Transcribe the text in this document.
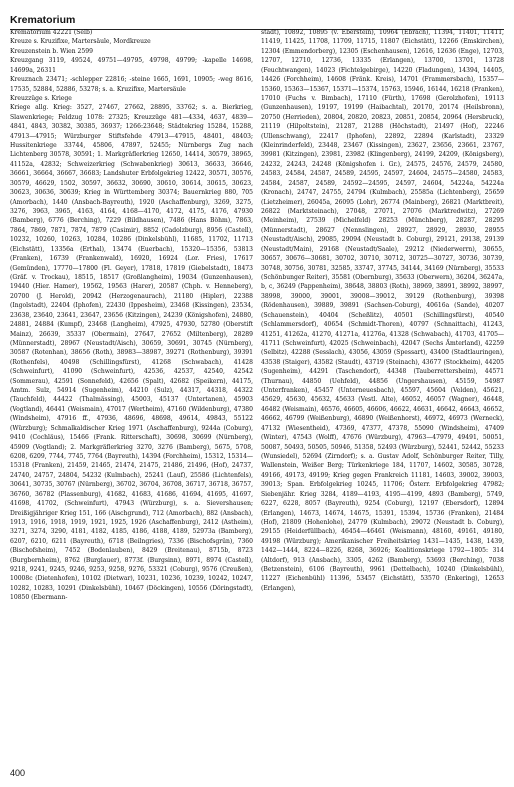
Krematorium

Krematorium 42221 (Selb)

Kreuze s. Kruzifixe, Martersäule, Mordkreuze

Kreuzenstein b. Wien 2599

Kreuzgang 3119, 49524, 49751—49795, 49798, 49799; -kapelle 14698, 14699a, 26311

Kreuznach 23471; -schlepper 22816; -steine 1665, 1691, 10905; -weg 8616, 17535, 52884, 52886, 53278; s. a. Kruzifixe, Martersäule

Kreuzzüge s. Kriege

Kriege allg. Krieg: 3527, 27467, 27662, 28895, 33762; s. a. Bierkrieg, Slawenkriege; Feldzug 1078: 27325; Kreuzzüge 481—4334, 4637, 4839—4841, 4843, 30382, 30385, 36937; 1266:23648; Städtekrieg 15284, 15288, 47913—47915; Würzburger Stiftsfehde 47913—47915, 48401, 48403; Hussitenkriege 33744, 45806, 47897, 52455; Nürnbergs Zug nach Lichtenberg 30578, 30591; 1. Markgräflerkrieg 12650, 14414, 30579, 38965, 41152a, 42832; Schweizerkrieg (Schwabenkrieg) 30613, 36633, 36646, 36661, 36664, 36667, 36683; Landshuter Erbfolgekrieg 12422, 30571, 30576, 30579, 46629, 1502, 30597, 36632, 30690, 30610, 30614, 30615, 30623, 30623, 30636, 30639; Krieg in Württemberg 30374; Bauernkrieg 880, 705 (Amorbach), 1440 (Ansbach-Bayreuth), 1920 (Aschaffenburg), 3269, 3275, 3276, 3963, 3965, 4163, 4164, 4168—4170, 4172, 4175, 4176, 47930 (Bamberg), 6776 (Berching), 7229 (Bildhausen), 7486 (Hans Böhm), 7863, 7864, 7869, 7871, 7874, 7879 (Casimir), 8852 (Cadolzburg), 8956 (Castell), 10232, 10260, 10263, 10284, 10286 (Dinkelsbühl), 11685, 11702, 11713 (Eichstätt), 13356a (Erthal), 13474 (Euerbach), 15320—15356, 53813 (Franken), 16739 (Frankenwald), 16920, 16924 (Lor. Fries), 17617 (Gemünden), 17770—17800 (Fl. Geyer), 17818, 17819 (Giebelstadt), 18473 (Gräf. v. Trockau), 18515, 18517 (Großlangheim), 19034 (Gunzenhausen), 19440 (Hier. Hamer), 19562, 19563 (Harer), 20587 (Chph. v. Henneberg), 20700 (J. Herold), 20942 (Herzogenaurach), 21180 (Hipler), 22388 (Ingolstadt), 22404 (Iphofen), 22430 (Ippesheim), 23468 (Kissingen), 23534, 23638, 23640, 23641, 23647, 23656 (Kitzingen), 24239 (Königshofen), 24880, 24881, 24884 (Kumpf), 23468 (Langheim), 47925, 47930, 52780 (Oberstift Mainz), 26639, 35337 (Obermain), 27647, 27652 (Miltenberg), 28289 (Münnerstadt), 28967 (Neustadt/Aisch), 30659, 30691, 30745 (Nürnberg), 30587 (Rotenhan), 38656 (Roth), 38983—38987, 39271 (Rothenburg), 39391 (Rothenfels), 40498 (Schillingsfürst), 41268 (Schwabach), 41428 (Schweinfurt), 41090 (Schweinfurt), 42536, 42537, 42540, 42542 (Sommerau), 42591 (Sonnefeld), 42656 (Spalt), 42682 (Speikern), 44175, Amtm. Sulz, 54914 (Sugenheim), 44210 (Sulz), 44317, 44318, 44322 (Tauchfeld), 44422 (Thalmässing), 45003, 45137 (Untertanen), 45903 (Vogtland), 46441 (Weismain), 47017 (Wertheim), 47160 (Wildenburg), 47380 (Windsheim), 47916 ff., 47936, 48696, 48698, 49614, 49843, 55122 (Würzburg); Schmalkaldischer Krieg 1971 (Aschaffenburg), 9244a (Coburg), 9410 (Cochläus), 15466 (Frank. Ritterschaft), 30698, 30699 (Nürnberg), 45909 (Vogtland); 2. Markgräflerkrieg 3270, 3276 (Bamberg), 5675, 5708, 6208, 6209, 7744, 7745, 7764 (Bayreuth), 14394 (Forchheim), 15312, 15314—15318 (Franken), 21459, 21465, 21474, 21475, 21486, 21496, (Hof), 24737, 24740, 24757, 24804, 54232 (Kulmbach), 25241 (Lauf), 25586 (Lichtenfels), 30641, 30735, 30767 (Nürnberg), 36702, 36704, 36708, 36717, 36718, 36757, 36760, 36782 (Plassenburg), 41682, 41683, 41686, 41694, 41695, 41697, 41698, 41702, (Schweinfurt), 47943 (Würzburg), s. a. Sievershausen; Dreißigjähriger Krieg 151, 166 (Aischgrund), 712 (Amorbach), 882 (Ansbach), 1913, 1916, 1918, 1919, 1921, 1925, 1926 (Aschaffenburg), 2412 (Astheim), 3271, 3274, 3290, 4181, 4182, 4185, 4186, 4188, 4189, 52973a (Bamberg), 6207, 6210, 6211 (Bayreuth), 6718 (Beilngries), 7336 (Bischofsgrün), 7360 (Bischofsheim), 7452 (Bodenlauben), 8429 (Breitenau), 8715b, 8723 (Burgbernheim), 8762 (Burglauer), 8773f. (Burgsinn), 8971, 8974 (Castell), 9218, 9241, 9245, 9246, 9253, 9258, 9276, 53321 (Coburg), 9576 (Creußen), 10008c (Dietenhofen), 10102 (Dietwar), 10231, 10236, 10239, 10242, 10247, 10282, 10283, 10291 (Dinkelsbühl), 10467 (Döckingen), 10556 (Döringstadt), 10850 (Ebermann-

stadt), 10892, 10895 (v. Eberstein), 10964 (Ebrach), 11394, 11401, 11411, 11419, 11425, 11708, 11709, 11715, 11807 (Eichstätt), 12266 (Emskirchen), 12304 (Emmendorberg), 12305 (Eschenhausen), 12616, 12636 (Enge), 12703, 12707, 12710, 12736, 13335 (Erlangen), 13700, 13701, 13728 (Feuchtwangen), 14023 (Fichtelgebirge), 14220 (Fladungen), 14394, 14405, 14426 (Forchheim), 14608 (Fränk. Kreis), 14701 (Frammersbach), 15357—15360, 15363—15367, 15371—15374, 15763, 15946, 16144, 16218 (Franken), 17010 (Fuchs v. Bimbach), 17110 (Fürth), 17698 (Gerolzhofen), 19113 (Gunzenhausen), 19197, 19199 (Haibachtal), 20170, 20174 (Heilsbronn), 20750 (Herrieden), 20804, 20820, 20823, 20851, 20854, 20964 (Hersbruck), 21119 (Hilpoltstein), 21287, 21288 (Höchstadt), 21497 (Hof), 22246 (Ullenschwang), 22417 (Iphofen), 22892, 22894 (Karlstadt), 23329 (Kleinrinderfeld), 23448, 23467 (Kissingen), 23627, 23656, 23661, 23767, 39981 (Kitzingen), 23981, 23982 (Klingenberg), 24199, 24209, (Königsberg), 24232, 24243, 24248 (Königshofen i. Gr.), 24575, 24576, 24579, 24580, 24583, 24584, 24587, 24589, 24595, 24597, 24604, 24575—24580, 24583, 24584, 24587, 24589, 24592—24595, 24597, 24604, 54224a, 54224a (Kronach), 24747, 24755, 24794 (Kulmbach), 25585a (Lichtenberg), 25659 (Lietzheimer), 26045a, 26095 (Lohr), 26774 (Mainberg), 26821 (Marktbreit), 26822 (Marktsteinach), 27048, 27071, 27076 (Marktredwitz), 27269 (Meinheim), 27539 (Michelfeld) 28253 (Münchberg), 28287, 28295 (Münnerstadt), 28627 (Nennslingen), 28927, 28929, 28930, 28955 (Neustadt/Aisch), 29085, 29094 (Neustadt b. Coburg), 29121, 29138, 29139 (Neustadt/Main), 29168 (Neustadt/Saale), 29212 (Niederwerrn), 30655, 30657, 30676—30681, 30702, 30710, 30712, 30725—30727, 30736, 30739, 30748, 30756, 30781, 32585, 33747, 37745, 34144, 34169 (Nürnberg), 35533 (Schönbunger Reiter), 35581 (Obernburg), 35633 (Oberwern), 36204, 36247a, b, c, 36249 (Pappenheim), 38648, 38803 (Roth), 38969, 38991, 38992, 38997, 38998, 39000, 39001, 39008—39012, 39129 (Rothenburg), 39398 (Rödenhausen), 39889, 39891 (Sachsen-Coburg), 40616a (Sande), 40207 (Schauenstein), 40404 (Scheßlitz), 40501 (Schillingsfürst), 40540 (Schlammersdorf), 40654 (Schmidt-Thoren), 40797 (Schnaittach), 41243, 41251, 41262a, 41270, 41271a, 41276a, 41328 (Schwabach), 41703, 41705—41711 (Schweinfurt), 42025 (Schweinbach), 42047 (Sechs Ämterland), 42259 (Selbitz), 42288 (Sesslach), 43056, 43059 (Spessart), 43400 (Stadtlauringen), 43538 (Staiger), 43582 (Staudt), 43719 (Steinach), 43677 (Stockheim), 44205 (Sugenheim), 44291 (Taschendorf), 44348 (Tauberrettersheim), 44571 (Thurnau), 44850 (Uehfeld), 44856 (Ungershausen), 45159, 54987 (Unterfranken), 45457 (Unterneuesbach), 45597, 45604 (Velden), 45621, 45629, 45630, 45632, 45633 (Vestl. Alte), 46052, 46057 (Wagner), 46448, 46482 (Weismain), 46576, 46605, 46606, 46622, 46631, 46642, 46643, 46652, 46662, 46799 (Weißenburg), 46890 (Weißenhorst), 46972, 46973 (Werneck), 47132 (Wiesentheid), 47369, 47377, 47378, 55090 (Windsheim), 47409 (Winter), 47543 (Wolff), 47676 (Würzburg), 47963—47979, 49491, 50051, 50087, 50493, 50505, 50946, 51358, 52493 (Würzburg), 52441, 52442, 55233 (Wunsiedel), 52694 (Zirndorf); s. a. Gustav Adolf, Schönburger Reiter, Tilly, Wallenstein, Weißer Berg; Türkenkriege 184, 11707, 14602, 30585, 30728, 49166, 49173, 49199; Krieg gegen Frankreich 11181, 14603, 39002, 39003, 39013; Span. Erbfolgekrieg 10245, 11706; Österr. Erbfolgekrieg 47982; Siebenjähr. Krieg 3284, 4189—4193, 4195—4199, 4893 (Bamberg), 5749, 6227, 6228, 8057 (Bayreuth), 9254 (Coburg), 12197 (Ebersdorf), 12894 (Erlangen), 14673, 14674, 14675, 15391, 15394, 15736 (Franken), 21484 (Hof), 21809 (Hohenlohe), 24779 (Kulmbach), 29072 (Neustadt b. Coburg), 29155 (Heiderfüllbach), 46454—46461 (Weismann), 48160, 49161, 49180, 49198 (Würzburg); Amerikanischer Freiheitskrieg 1431—1435, 1438, 1439, 1442—1444, 8224—8226, 8268, 36926; Koalitionskriege 1792—1805: 314 (Altdorf), 913 (Ansbach), 3305, 4262 (Bamberg), 53693 (Berching), 7038 (Betzenstein), 6106 (Bayreuth), 9961 (Dettelbach), 10240 (Dinkelsbühl), 11227 (Eichenbühl) 11396, 53457 (Eichstätt), 53570 (Enkering), 12653 (Erlangen),

400
